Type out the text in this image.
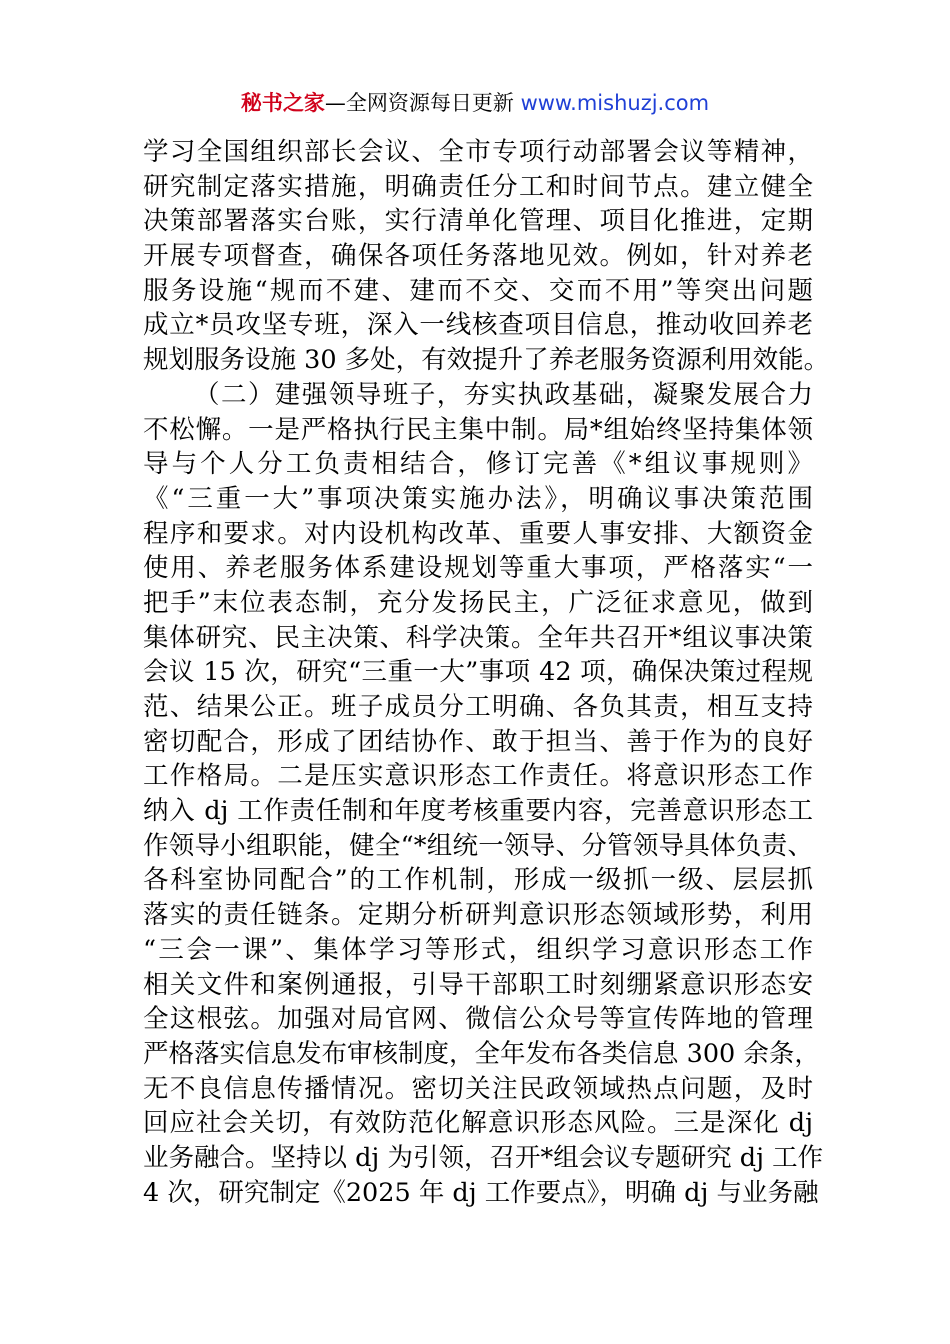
秘书之家—全网资源每日更新 www.mishuzj.com
学习全国组织部长会议、全市专项行动部署会议等精神，
研究制定落实措施，明确责任分工和时间节点。建立健全
决策部署落实台账，实行清单化管理、项目化推进，定期
开展专项督查，确保各项任务落地见效。例如，针对养老
服务设施“规而不建、建而不交、交而不用”等突出问题
成立*员攻坚专班，深入一线核查项目信息，推动收回养老
规划服务设施 30 多处，有效提升了养老服务资源利用效能。
（二）建强领导班子，夯实执政基础，凝聚发展合力
不松懈。一是严格执行民主集中制。局*组始终坚持集体领
导与个人分工负责相结合，修订完善《*组议事规则》
《“三重一大”事项决策实施办法》，明确议事决策范围
程序和要求。对内设机构改革、重要人事安排、大额资金
使用、养老服务体系建设规划等重大事项，严格落实“一
把手”末位表态制，充分发扬民主，广泛征求意见，做到
集体研究、民主决策、科学决策。全年共召开*组议事决策
会议 15 次，研究“三重一大”事项 42 项，确保决策过程规
范、结果公正。班子成员分工明确、各负其责，相互支持
密切配合，形成了团结协作、敢于担当、善于作为的良好
工作格局。二是压实意识形态工作责任。将意识形态工作
纳入 dj 工作责任制和年度考核重要内容，完善意识形态工
作领导小组职能，健全“*组统一领导、分管领导具体负责、
各科室协同配合”的工作机制，形成一级抓一级、层层抓
落实的责任链条。定期分析研判意识形态领域形势，利用
“三会一课”、集体学习等形式，组织学习意识形态工作
相关文件和案例通报，引导干部职工时刻绷紧意识形态安
全这根弦。加强对局官网、微信公众号等宣传阵地的管理
严格落实信息发布审核制度，全年发布各类信息 300 余条，
无不良信息传播情况。密切关注民政领域热点问题，及时
回应社会关切，有效防范化解意识形态风险。三是深化 dj
业务融合。坚持以 dj 为引领，召开*组会议专题研究 dj 工作
4 次，研究制定《2025 年 dj 工作要点》，明确 dj 与业务融
